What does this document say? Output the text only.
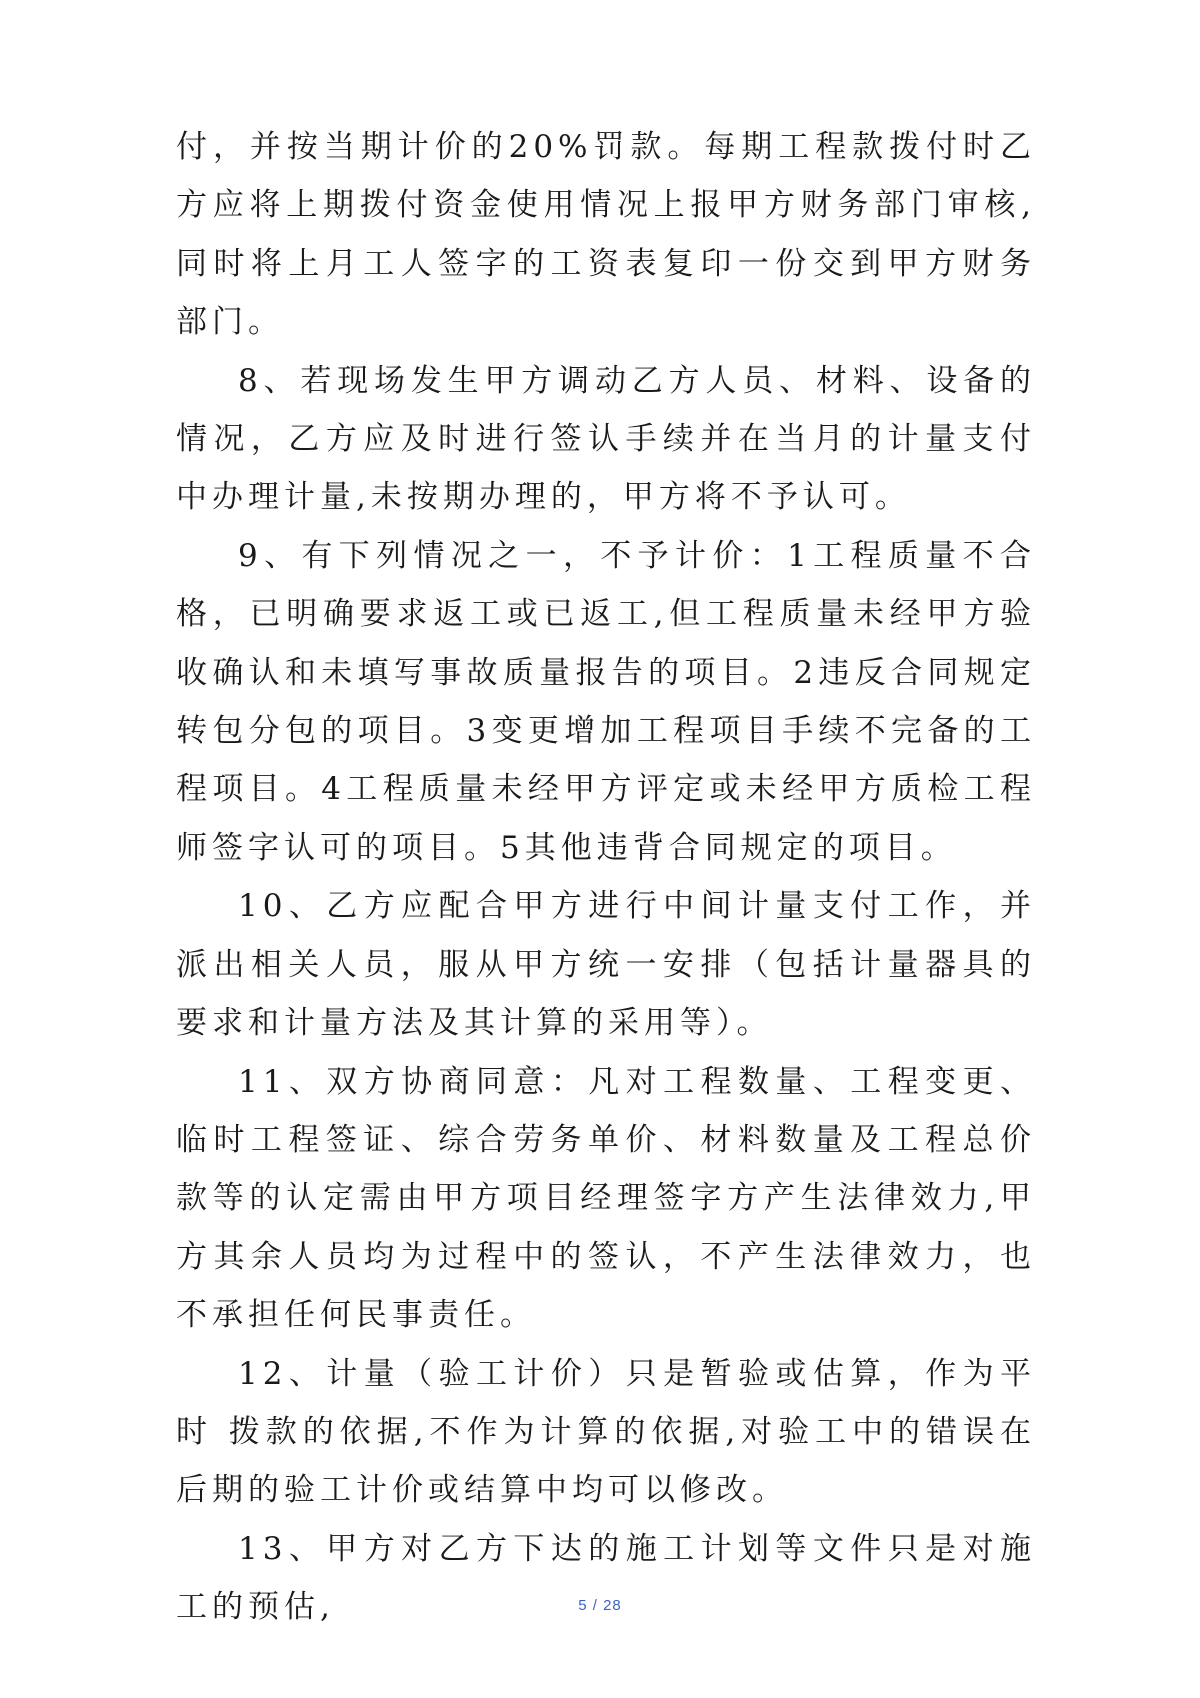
付，并按当期计价的20%罚款。每期工程款拨付时乙方应将上期拨付资金使用情况上报甲方财务部门审核,同时将上月工人签字的工资表复印一份交到甲方财务部门。

8、若现场发生甲方调动乙方人员、材料、设备的情况，乙方应及时进行签认手续并在当月的计量支付中办理计量,未按期办理的，甲方将不予认可。

9、有下列情况之一，不予计价：1工程质量不合格，已明确要求返工或已返工,但工程质量未经甲方验收确认和未填写事故质量报告的项目。2违反合同规定转包分包的项目。3变更增加工程项目手续不完备的工程项目。4工程质量未经甲方评定或未经甲方质检工程师签字认可的项目。5其他违背合同规定的项目。

10、乙方应配合甲方进行中间计量支付工作，并派出相关人员，服从甲方统一安排（包括计量器具的要求和计量方法及其计算的采用等）。

11、双方协商同意：凡对工程数量、工程变更、临时工程签证、综合劳务单价、材料数量及工程总价款等的认定需由甲方项目经理签字方产生法律效力,甲方其余人员均为过程中的签认，不产生法律效力，也不承担任何民事责任。

12、计量（验工计价）只是暂验或估算，作为平时 拨款的依据,不作为计算的依据,对验工中的错误在后期的验工计价或结算中均可以修改。

13、甲方对乙方下达的施工计划等文件只是对施工的预估,	5 / 28
